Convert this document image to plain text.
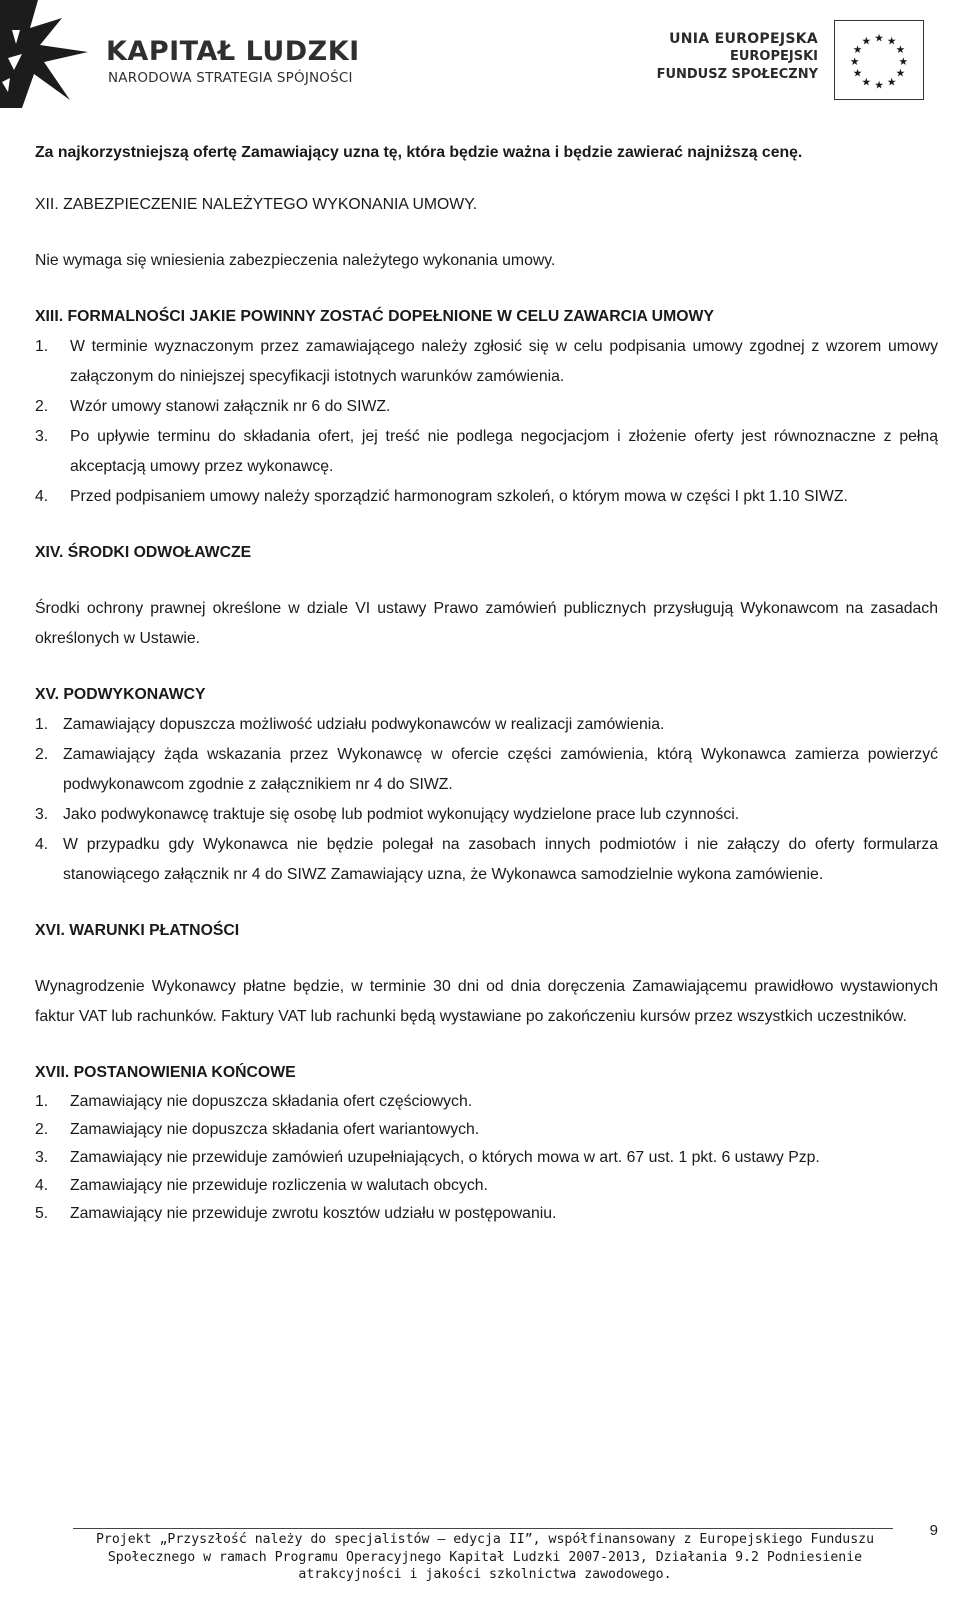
KAPITAŁ LUDZKI
NARODOWA STRATEGIA SPÓJNOŚCI
UNIA EUROPEJSKA
EUROPEJSKI
FUNDUSZ SPOŁECZNY
★ ★
★
★
★
★
★
★
★
★
★
★

Za najkorzystniejszą ofertę Zamawiający uzna tę, która będzie ważna i będzie zawierać najniższą cenę.

XII. ZABEZPIECZENIE NALEŻYTEGO WYKONANIA UMOWY.

Nie wymaga się wniesienia zabezpieczenia należytego wykonania umowy.

XIII. FORMALNOŚCI JAKIE POWINNY ZOSTAĆ DOPEŁNIONE W CELU ZAWARCIA UMOWY

1. W terminie wyznaczonym przez zamawiającego należy zgłosić się w celu podpisania umowy zgodnej z wzorem umowy załączonym do niniejszej specyfikacji istotnych warunków zamówienia.
2. Wzór umowy stanowi załącznik nr 6 do SIWZ.
3. Po upływie terminu do składania ofert, jej treść nie podlega negocjacjom i złożenie oferty jest równoznaczne z pełną akceptacją umowy przez wykonawcę.
4. Przed podpisaniem umowy należy sporządzić harmonogram szkoleń, o którym mowa w części I pkt 1.10 SIWZ.

XIV. ŚRODKI ODWOŁAWCZE

Środki ochrony prawnej określone w dziale VI ustawy Prawo zamówień publicznych przysługują Wykonawcom na zasadach określonych w Ustawie.

XV. PODWYKONAWCY

1. Zamawiający dopuszcza możliwość udziału podwykonawców w realizacji zamówienia.
2. Zamawiający żąda wskazania przez Wykonawcę w ofercie części zamówienia, którą Wykonawca zamierza powierzyć podwykonawcom zgodnie z załącznikiem nr 4 do SIWZ.
3. Jako podwykonawcę traktuje się osobę lub podmiot wykonujący wydzielone prace lub czynności.
4. W przypadku gdy Wykonawca nie będzie polegał na zasobach innych podmiotów i nie załączy do oferty formularza stanowiącego załącznik nr 4 do SIWZ Zamawiający uzna, że Wykonawca samodzielnie wykona zamówienie.

XVI. WARUNKI PŁATNOŚCI

Wynagrodzenie Wykonawcy płatne będzie, w terminie 30 dni od dnia doręczenia Zamawiającemu prawidłowo wystawionych faktur VAT lub rachunków. Faktury VAT lub rachunki będą wystawiane po zakończeniu kursów przez wszystkich uczestników.

XVII. POSTANOWIENIA KOŃCOWE

1. Zamawiający nie dopuszcza składania ofert częściowych.
2. Zamawiający nie dopuszcza składania ofert wariantowych.
3. Zamawiający nie przewiduje zamówień uzupełniających, o których mowa w art. 67 ust. 1 pkt. 6 ustawy Pzp.
4. Zamawiający nie przewiduje rozliczenia w walutach obcych.
5. Zamawiający nie przewiduje zwrotu kosztów udziału w postępowaniu.
9
Projekt „Przyszłość należy do specjalistów – edycja II”, współfinansowany z Europejskiego Funduszu
Społecznego w ramach Programu Operacyjnego Kapitał Ludzki 2007-2013, Działania 9.2 Podniesienie
atrakcyjności i jakości szkolnictwa zawodowego.
